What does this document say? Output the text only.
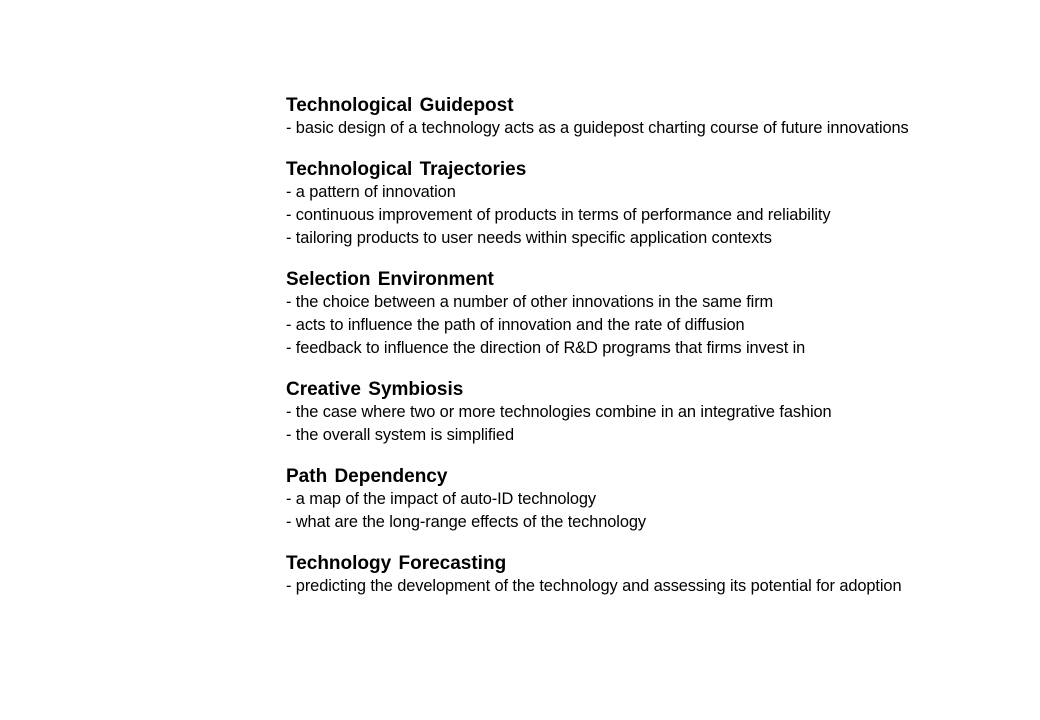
Technological Guidepost
- basic design of a technology acts as a guidepost charting course of future innovations
Technological Trajectories
- a pattern of innovation
- continuous improvement of products in terms of performance and reliability
- tailoring products to user needs within specific application contexts
Selection Environment
- the choice between a number of other innovations in the same firm
- acts to influence the path of innovation and the rate of diffusion
- feedback to influence the direction of R&D programs that firms invest in
Creative Symbiosis
- the case where two or more technologies combine in an integrative fashion
- the overall system is simplified
Path Dependency
- a map of the impact of auto-ID technology
- what are the long-range effects of the technology
Technology Forecasting
- predicting the development of the technology and assessing its potential for adoption
